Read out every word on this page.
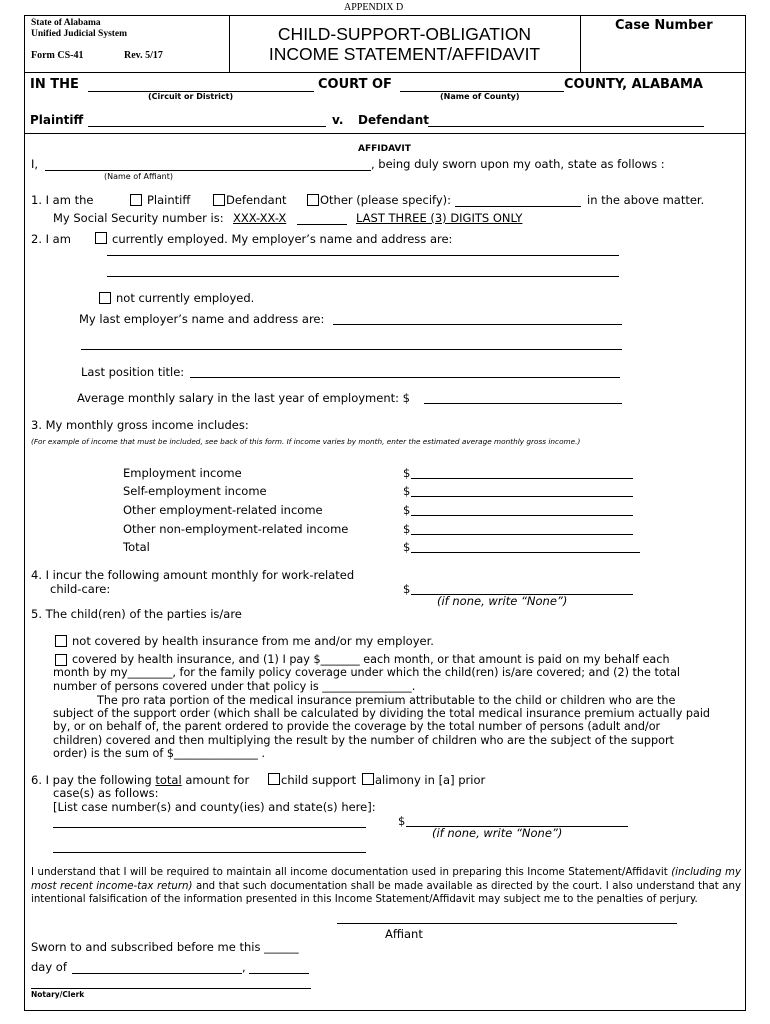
APPENDIX D
State of Alabama
Unified Judicial System
Form CS-41	Rev. 5/17
CHILD-SUPPORT-OBLIGATION
INCOME STATEMENT/AFFIDAVIT
Case Number
IN THE	COURT OF	COUNTY, ALABAMA
(Circuit or District)	(Name of County)
Plaintiff	v. Defendant
AFFIDAVIT
I,	, being duly sworn upon my oath, state as follows :
(Name of Affiant)
1. I am the	Plaintiff	Defendant	Other (please specify):	in the above matter.
My Social Security number is: XXX-XX-X	LAST THREE (3) DIGITS ONLY
2. I am	currently employed. My employer’s name and address are:
not currently employed.
My last employer’s name and address are:
Last position title:
Average monthly salary in the last year of employment: $
3. My monthly gross income includes:
(For example of income that must be included, see back of this form. If income varies by month, enter the estimated average monthly gross income.)
Employment income	$
Self-employment income	$
Other employment-related income	$
Other non-employment-related income	$
Total	$
4. I incur the following amount monthly for work-related
child-care:	$
(if none, write “None”)
5. The child(ren) of the parties is/are
not covered by health insurance from me and/or my employer.
covered by health insurance, and (1) I pay $_______ each month, or that amount is paid on my behalf each
month by my________, for the family policy coverage under which the child(ren) is/are covered; and (2) the total
number of persons covered under that policy is ________________.
The pro rata portion of the medical insurance premium attributable to the child or children who are the
subject of the support order (which shall be calculated by dividing the total medical insurance premium actually paid
by, or on behalf of, the parent ordered to provide the coverage by the total number of persons (adult and/or
children) covered and then multiplying the result by the number of children who are the subject of the support
order) is the sum of $_______________ .
6. I pay the following total amount for	child support alimony in [a] prior
case(s) as follows:
[List case number(s) and county(ies) and state(s) here]:
$
(if none, write “None”)
I understand that I will be required to maintain all income documentation used in preparing this Income Statement/Affidavit (including my most recent income-tax return) and that such documentation shall be made available as directed by the court. I also understand that any intentional falsification of the information presented in this Income Statement/Affidavit may subject me to the penalties of perjury.
Affiant
Sworn to and subscribed before me this ______
day of	,
Notary/Clerk
